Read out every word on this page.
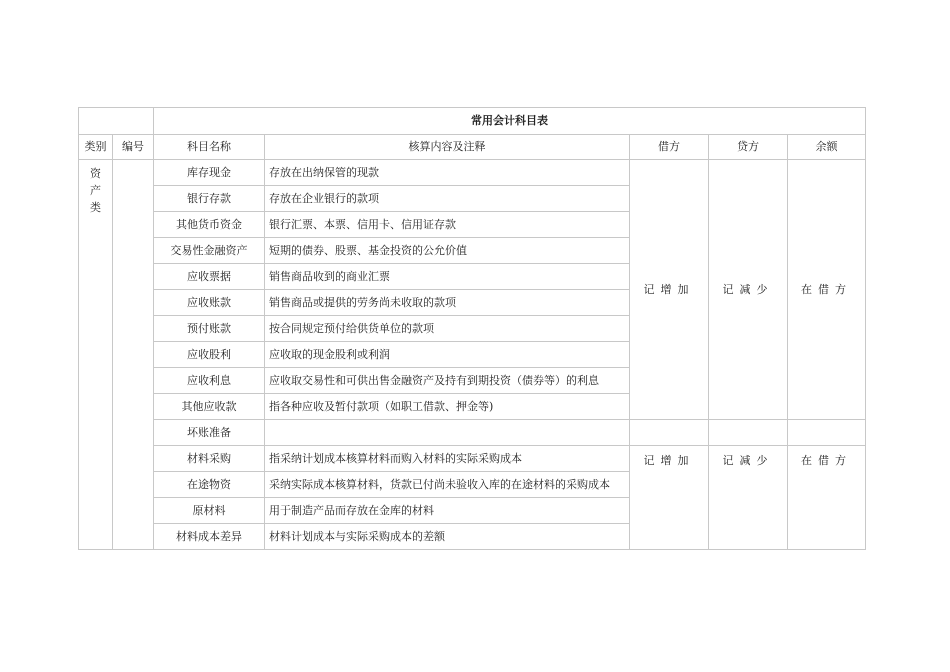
		常用会计科目表				
类别	编号	科目名称	核算内容及注释	借方	贷方	余额

资
产
类		库存现金	存放在出纳保管的现款	记增加	记减少	在借方
		银行存款	存放在企业银行的款项			
		其他货币资金	银行汇票、本票、信用卡、信用证存款			
		交易性金融资产	短期的债券、股票、基金投资的公允价值			
		应收票据	销售商品收到的商业汇票			
		应收账款	销售商品或提供的劳务尚未收取的款项			
		预付账款	按合同规定预付给供货单位的款项			
		应收股利	应收取的现金股利或利润			
		应收利息	应收取交易性和可供出售金融资产及持有到期投资（债券等）的利息			
		其他应收款	指各种应收及暂付款项（如职工借款、押金等)			
		坏账准备				
		材料采购	指采纳计划成本核算材料而购入材料的实际采购成本	记增加	记减少	在借方
		在途物资	采纳实际成本核算材料，货款已付尚未验收入库的在途材料的采购成本			
		原材料	用于制造产品而存放在金库的材料			
		材料成本差异	材料计划成本与实际采购成本的差额			
